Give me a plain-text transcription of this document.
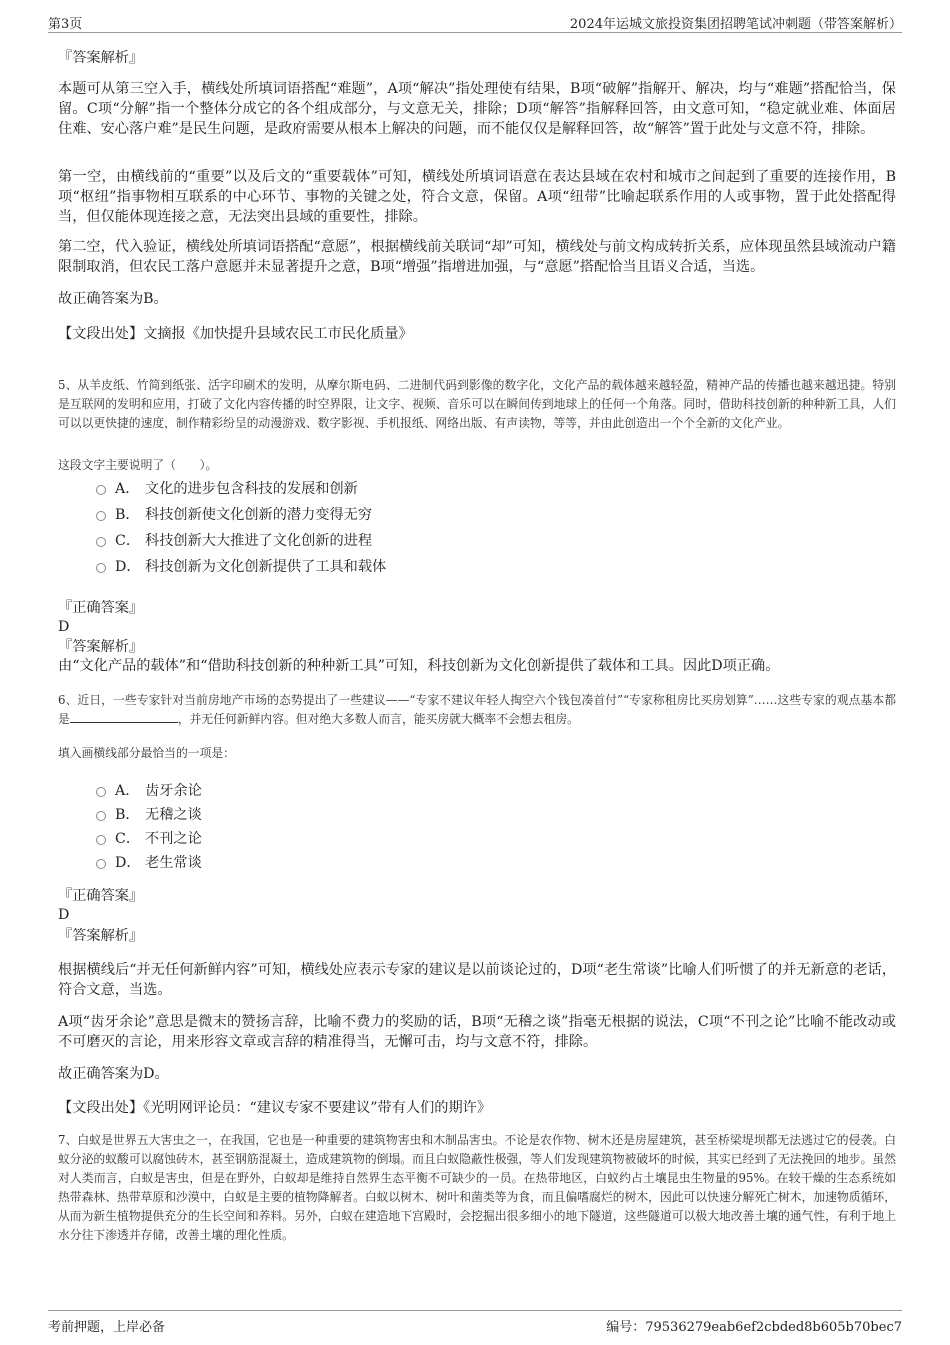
第3页	2024年运城文旅投资集团招聘笔试冲刺题（带答案解析）
『答案解析』
本题可从第三空入手，横线处所填词语搭配“难题”，A项“解决”指处理使有结果，B项“破解”指解开、解决，均与“难题”搭配恰当，保留。C项“分解”指一个整体分成它的各个组成部分，与文意无关，排除；D项“解答”指解释回答，由文意可知，“稳定就业难、体面居住难、安心落户难”是民生问题，是政府需要从根本上解决的问题，而不能仅仅是解释回答，故“解答”置于此处与文意不符，排除。
第一空，由横线前的“重要”以及后文的“重要载体”可知，横线处所填词语意在表达县域在农村和城市之间起到了重要的连接作用，B项“枢纽”指事物相互联系的中心环节、事物的关键之处，符合文意，保留。A项“纽带”比喻起联系作用的人或事物，置于此处搭配得当，但仅能体现连接之意，无法突出县域的重要性，排除。
第二空，代入验证，横线处所填词语搭配“意愿”，根据横线前关联词“却”可知，横线处与前文构成转折关系，应体现虽然县域流动户籍限制取消，但农民工落户意愿并未显著提升之意，B项“增强”指增进加强，与“意愿”搭配恰当且语义合适，当选。
故正确答案为B。
【文段出处】文摘报《加快提升县域农民工市民化质量》
5、从羊皮纸、竹简到纸张、活字印刷术的发明，从摩尔斯电码、二进制代码到影像的数字化，文化产品的载体越来越轻盈，精神产品的传播也越来越迅捷。特别是互联网的发明和应用，打破了文化内容传播的时空界限，让文字、视频、音乐可以在瞬间传到地球上的任何一个角落。同时，借助科技创新的种种新工具，人们可以以更快捷的速度，制作精彩纷呈的动漫游戏、数字影视、手机报纸、网络出版、有声读物，等等，并由此创造出一个个全新的文化产业。
这段文字主要说明了（　　）。
A． 文化的进步包含科技的发展和创新
B． 科技创新使文化创新的潜力变得无穷
C． 科技创新大大推进了文化创新的进程
D． 科技创新为文化创新提供了工具和载体
『正确答案』
D
『答案解析』
由“文化产品的载体”和“借助科技创新的种种新工具”可知，科技创新为文化创新提供了载体和工具。因此D项正确。
6、近日，一些专家针对当前房地产市场的态势提出了一些建议——“专家不建议年轻人掏空六个钱包凑首付”“专家称租房比买房划算”……这些专家的观点基本都是	，并无任何新鲜内容。但对绝大多数人而言，能买房就大概率不会想去租房。
填入画横线部分最恰当的一项是：
A． 齿牙余论
B． 无稽之谈
C． 不刊之论
D． 老生常谈
『正确答案』
D
『答案解析』
根据横线后“并无任何新鲜内容”可知，横线处应表示专家的建议是以前谈论过的，D项“老生常谈”比喻人们听惯了的并无新意的老话，符合文意，当选。
A项“齿牙余论”意思是微末的赞扬言辞，比喻不费力的奖励的话，B项“无稽之谈”指毫无根据的说法，C项“不刊之论”比喻不能改动或不可磨灭的言论，用来形容文章或言辞的精准得当，无懈可击，均与文意不符，排除。
故正确答案为D。
【文段出处】《光明网评论员：“建议专家不要建议”带有人们的期许》
7、白蚁是世界五大害虫之一，在我国，它也是一种重要的建筑物害虫和木制品害虫。不论是农作物、树木还是房屋建筑，甚至桥梁堤坝都无法逃过它的侵袭。白蚁分泌的蚁酸可以腐蚀砖木，甚至钢筋混凝土，造成建筑物的倒塌。而且白蚁隐蔽性极强，等人们发现建筑物被破坏的时候，其实已经到了无法挽回的地步。虽然对人类而言，白蚁是害虫，但是在野外，白蚁却是维持自然界生态平衡不可缺少的一员。在热带地区，白蚁约占土壤昆虫生物量的95%。在较干燥的生态系统如热带森林、热带草原和沙漠中，白蚁是主要的植物降解者。白蚁以树木、树叶和菌类等为食，而且偏嗜腐烂的树木，因此可以快速分解死亡树木，加速物质循环，从而为新生植物提供充分的生长空间和养料。另外，白蚁在建造地下宫殿时，会挖掘出很多细小的地下隧道，这些隧道可以极大地改善土壤的通气性，有利于地上水分往下渗透并存储，改善土壤的理化性质。
考前押题，上岸必备	编号：79536279eab6ef2cbded8b605b70bec7
